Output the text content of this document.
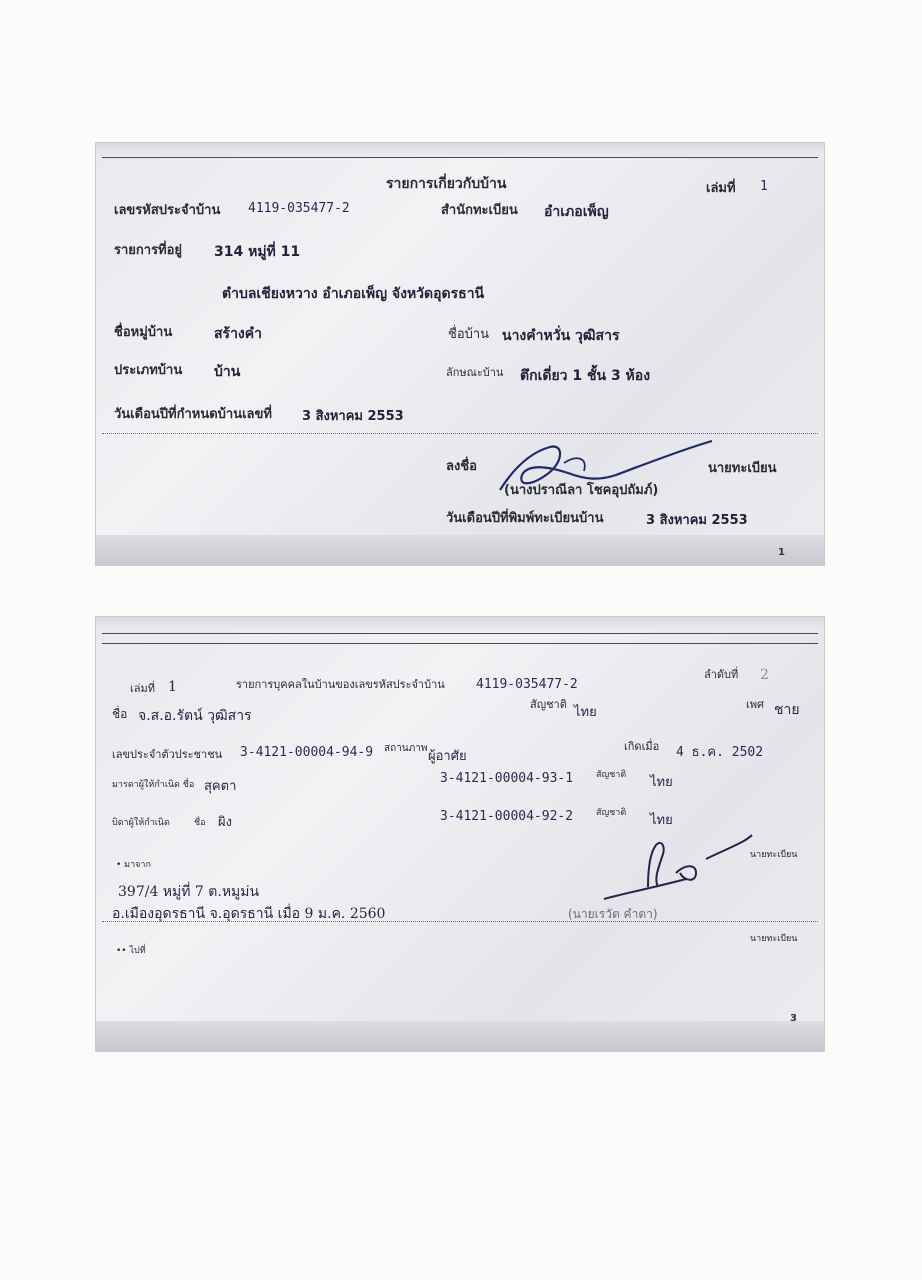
รายการเกี่ยวกับบ้าน	เล่มที่ 1
เลขรหัสประจำบ้าน 4119-035477-2	สำนักทะเบียน อำเภอเพ็ญ
รายการที่อยู่ 314 หมู่ที่ 11
ตำบลเชียงหวาง อำเภอเพ็ญ จังหวัดอุดรธานี
ชื่อหมู่บ้าน	สร้างคำ	ชื่อบ้าน นางคำหวั่น วุฒิสาร
ประเภทบ้าน บ้าน	ลักษณะบ้าน ตึกเดี่ยว 1 ชั้น 3 ห้อง
วันเดือนปีที่กำหนดบ้านเลขที่ 3 สิงหาคม 2553
ลงชื่อ	นายทะเบียน
(นางปราณีลา โชคอุปถัมภ์)
วันเดือนปีที่พิมพ์ทะเบียนบ้าน	3 สิงหาคม 2553
1
เล่มที่ 1	รายการบุคคลในบ้านของเลขรหัสประจำบ้าน 4119-035477-2
ลำดับที่ 2
สัญชาติ
ไทย
เพศ ชาย
ชื่อ จ.ส.อ.รัตน์ วุฒิสาร
เลขประจำตัวประชาชน 3-4121-00004-94-9 สถานภาพ
ผู้อาศัย
เกิดเมื่อ 4 ธ.ค. 2502
มารดาผู้ให้กำเนิด ชื่อ สุคตา
3-4121-00004-93-1	สัญชาติ ไทย
บิดาผู้ให้กำเนิด	ชื่อ ผิง	3-4121-00004-92-2	สัญชาติ ไทย
• มาจาก
นายทะเบียน
397/4 หมู่ที่ 7 ต.หมูม่น
อ.เมืองอุดรธานี จ.อุดรธานี เมื่อ 9 ม.ค. 2560	(นายเรวัต คำตา)
•• ไปที่
นายทะเบียน
3
